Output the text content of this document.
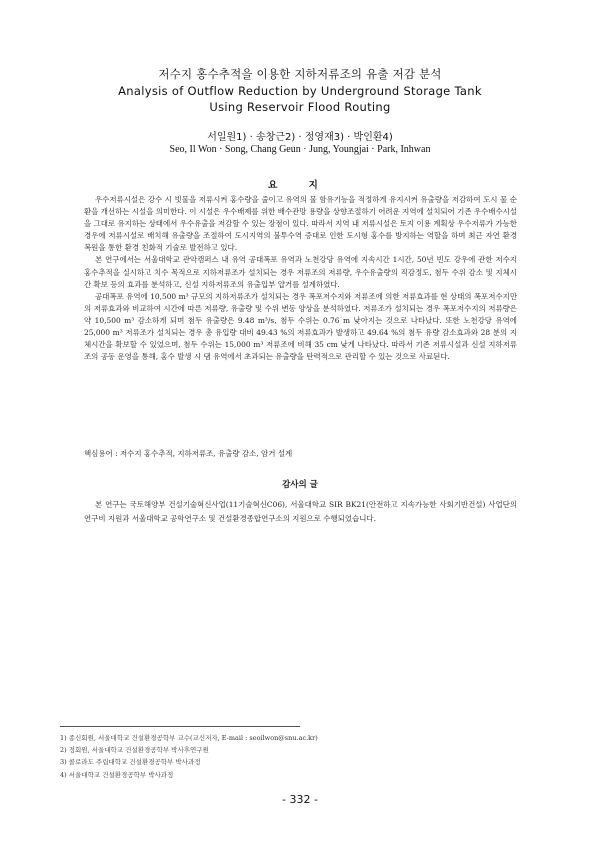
저수지 홍수추적을 이용한 지하저류조의 유출 저감 분석
Analysis of Outflow Reduction by Underground Storage Tank
Using Reservoir Flood Routing
서일원1) · 송창근2) · 정영재3) · 박인환4)
Seo, Il Won · Song, Chang Geun · Jung, Youngjai · Park, Inhwan
요 지

우수저류시설은 강수 시 빗물을 저류시켜 홍수량을 줄이고 유역의 물 함유기능을 적정하게 유지시켜 유출량을 저감하여 도시 물 순환을 개선하는 시설을 의미한다. 이 시설은 우수배제를 위한 배수관망 용량을 상향조절하기 어려운 지역에 설치되어 기존 우수배수시설을 그대로 유지하는 상태에서 우수유출을 저감할 수 있는 장점이 있다. 따라서 지역 내 저류시설은 토지 이용 계획상 우수저류가 가능한 경우에 저류시설로 배치해 유출량을 조절하여 도시지역의 불투수역 증대로 인한 도시형 홍수를 방지하는 역할을 하며 최근 자연 환경 복원을 통한 환경 친화적 기술로 발전하고 있다.

본 연구에서는 서울대학교 관악캠퍼스 내 유역 공대폭포 유역과 노천강당 유역에 지속시간 1시간, 50년 빈도 강우에 관한 저수지 홍수추적을 실시하고 치수 목적으로 지하저류조가 설치되는 경우 저류조의 저류량, 우수유출량의 직감정도, 첨두 수위 감소 및 지체시간 확보 등의 효과를 분석하고, 신설 지하저류조의 유출입부 얍거를 설계하였다.

공대폭포 유역에 10,500 m³ 규모의 지하저류조가 설치되는 경우 폭포저수지와 저류조에 의한 저류효과를 현 상태의 폭포저수지만의 저류효과와 비교하여 시간에 따른 저류량, 유출량 및 수위 변동 양상을 분석하였다. 저류조가 설치되는 경우 폭포저수지의 저류량은 약 10,500 m³ 감소하게 되며 첨두 유출량은 9.48 m³/s, 첨두 수위는 0.76 m 낮아지는 것으로 나타났다. 또한 노천강당 유역에 25,000 m³ 저류조가 설치되는 경우 총 유입량 대비 49.43 %의 저류효과가 발생하고 49.64 %의 첨두 유량 감소효과와 28 분의 지체시간을 확보할 수 있었으며, 첨두 수위는 15,000 m³ 저류조에 비해 35 cm 낮게 나타났다. 따라서 기존 저류시설과 신설 지하저류조의 공동 운영을 통해, 홍수 발생 시 댐 유역에서 초과되는 유출량을 탄력적으로 관리할 수 있는 것으로 사료된다.

핵심용어 : 저수지 홍수추적, 지하저류조, 유출량 감소, 암거 설계
감사의 글

본 연구는 국토해양부 건설기술혁신사업(11기술혁신C06), 서울대학교 SIR BK21(안전하고 지속가능한 사회기반건설) 사업단의 연구비 지원과 서울대학교 공학연구소 및 건설환경종합연구소의 지원으로 수행되었습니다.

1) 종신회원, 서울대학교 건설환경공학부 교수(교신저자, E-mail : seoilwon@snu.ac.kr)
2) 정회원, 서울대학교 건설환경공학부 박사후연구원
3) 콜로라도 주립대학교 건설환경공학부 박사과정
4) 서울대학교 건설환경공학부 박사과정
- 332 -
